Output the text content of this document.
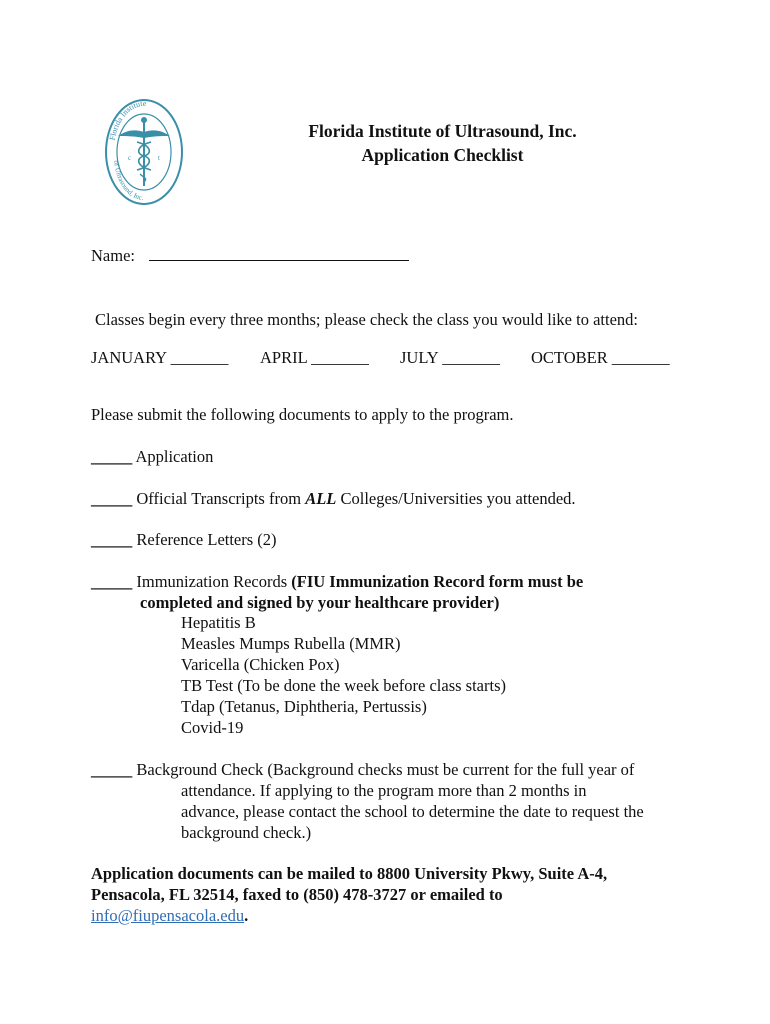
Florida Institute
of Ultrasound, Inc.
c	t
Florida Institute of Ultrasound, Inc.
Application Checklist
Name:
Classes begin every three months; please check the class you would like to attend:
JANUARY _______ APRIL _______ JULY _______ OCTOBER _______
Please submit the following documents to apply to the program.
_____ Application
_____ Official Transcripts from ALL Colleges/Universities you attended.
_____ Reference Letters (2)
_____ Immunization Records (FIU Immunization Record form must be
completed and signed by your healthcare provider)
Hepatitis B
Measles Mumps Rubella (MMR)
Varicella (Chicken Pox)
TB Test (To be done the week before class starts)
Tdap (Tetanus, Diphtheria, Pertussis)
Covid-19
_____ Background Check (Background checks must be current for the full year of
attendance. If applying to the program more than 2 months in
advance, please contact the school to determine the date to request the
background check.)
Application documents can be mailed to 8800 University Pkwy, Suite A-4,
Pensacola, FL 32514, faxed to (850) 478-3727 or emailed to
info@fiupensacola.edu.
